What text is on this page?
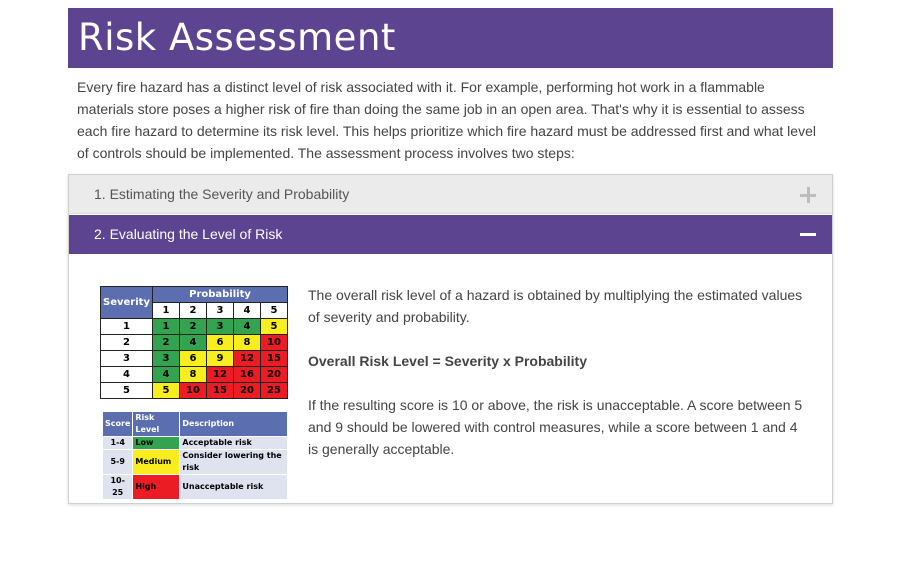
Risk Assessment

Every fire hazard has a distinct level of risk associated with it. For example, performing hot work in a flammable materials store poses a higher risk of fire than doing the same job in an open area. That's why it is essential to assess each fire hazard to determine its risk level. This helps prioritize which fire hazard must be addressed first and what level of controls should be implemented. The assessment process involves two steps:

1. Estimating the Severity and Probability
2. Evaluating the Level of Risk
Severity	Probability				
	1	2	3	4	5
1	1	2	3	4	5
2	2	4	6	8	10
3	3	6	9	12	15
4	4	8	12	16	20
5	5	10	15	20	25
Score	Risk Level	Description
1-4	Low	Acceptable risk
5-9	Medium	Consider lowering the risk
10-25	High	Unacceptable risk

The overall risk level of a hazard is obtained by multiplying the estimated values of severity and probability.

Overall Risk Level = Severity x Probability

If the resulting score is 10 or above, the risk is unacceptable. A score between 5 and 9 should be lowered with control measures, while a score between 1 and 4 is generally acceptable.
